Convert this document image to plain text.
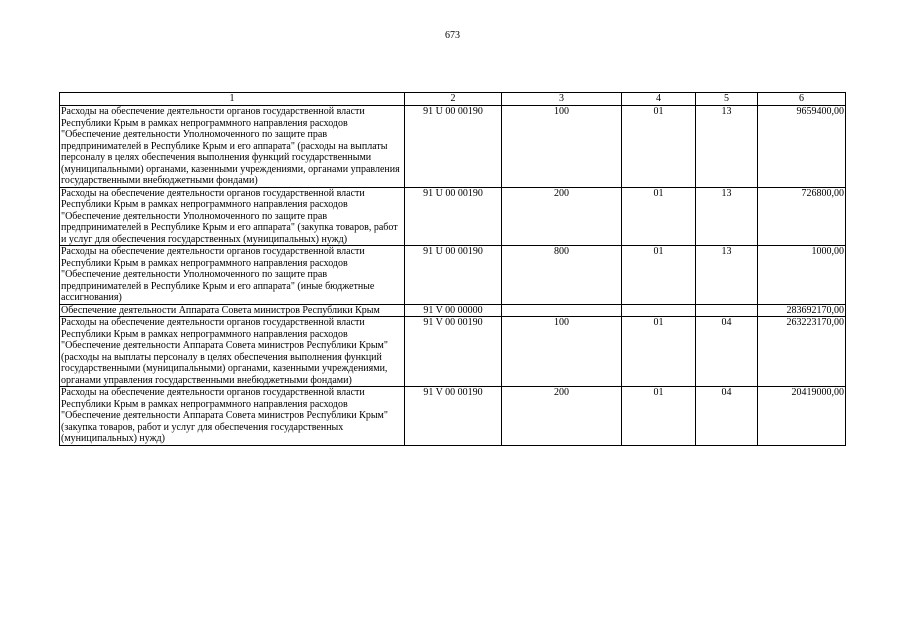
673
1	2	3	4	5	6
Расходы на обеспечение деятельности органов государственной власти Республики Крым в рамках непрограммного направления расходов "Обеспечение деятельности Уполномоченного по защите прав предпринимателей в Республике Крым и его аппарата" (расходы на выплаты персоналу в целях обеспечения выполнения функций государственными (муниципальными) органами, казенными учреждениями, органами управления государственными внебюджетными фондами)	91 U 00 00190	100	01	13	9659400,00
Расходы на обеспечение деятельности органов государственной власти Республики Крым в рамках непрограммного направления расходов "Обеспечение деятельности Уполномоченного по защите прав предпринимателей в Республике Крым и его аппарата" (закупка товаров, работ и услуг для обеспечения государственных (муниципальных) нужд)	91 U 00 00190	200	01	13	726800,00
Расходы на обеспечение деятельности органов государственной власти Республики Крым в рамках непрограммного направления расходов "Обеспечение деятельности Уполномоченного по защите прав предпринимателей в Республике Крым и его аппарата" (иные бюджетные ассигнования)	91 U 00 00190	800	01	13	1000,00
Обеспечение деятельности Аппарата Совета министров Республики Крым	91 V 00 00000				283692170,00
Расходы на обеспечение деятельности органов государственной власти Республики Крым в рамках непрограммного направления расходов "Обеспечение деятельности Аппарата Совета министров Республики Крым" (расходы на выплаты персоналу в целях обеспечения выполнения функций государственными (муниципальными) органами, казенными учреждениями, органами управления государственными внебюджетными фондами)	91 V 00 00190	100	01	04	263223170,00
Расходы на обеспечение деятельности органов государственной власти Республики Крым в рамках непрограммного направления расходов "Обеспечение деятельности Аппарата Совета министров Республики Крым" (закупка товаров, работ и услуг для обеспечения государственных (муниципальных) нужд)	91 V 00 00190	200	01	04	20419000,00
